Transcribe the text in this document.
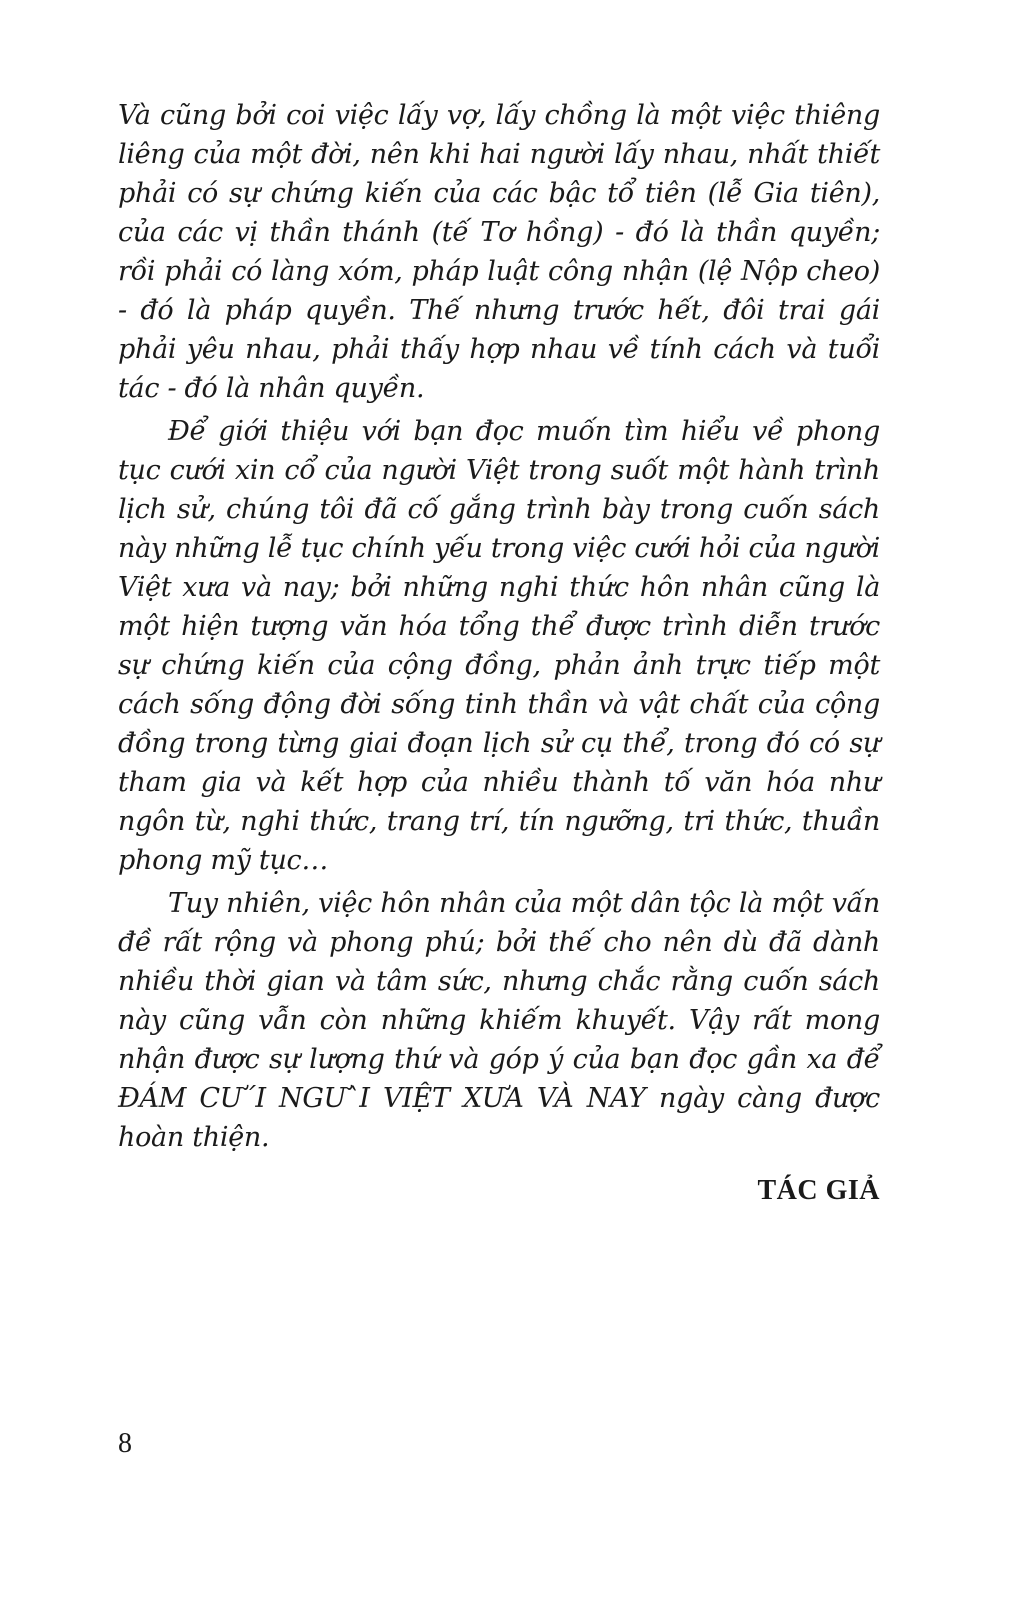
Và cũng bởi coi việc lấy vợ, lấy chồng là một việc thiêng liêng của một đời, nên khi hai người lấy nhau, nhất thiết phải có sự chứng kiến của các bậc tổ tiên (lễ Gia tiên), của các vị thần thánh (tế Tơ hồng) - đó là thần quyền; rồi phải có làng xóm, pháp luật công nhận (lệ Nộp cheo) - đó là pháp quyền. Thế nhưng trước hết, đôi trai gái phải yêu nhau, phải thấy hợp nhau về tính cách và tuổi tác - đó là nhân quyền.

Để giới thiệu với bạn đọc muốn tìm hiểu về phong tục cưới xin cổ của người Việt trong suốt một hành trình lịch sử, chúng tôi đã cố gắng trình bày trong cuốn sách này những lễ tục chính yếu trong việc cưới hỏi của người Việt xưa và nay; bởi những nghi thức hôn nhân cũng là một hiện tượng văn hóa tổng thể được trình diễn trước sự chứng kiến của cộng đồng, phản ảnh trực tiếp một cách sống động đời sống tinh thần và vật chất của cộng đồng trong từng giai đoạn lịch sử cụ thể, trong đó có sự tham gia và kết hợp của nhiều thành tố văn hóa như ngôn từ, nghi thức, trang trí, tín ngưỡng, tri thức, thuần phong mỹ tục…

Tuy nhiên, việc hôn nhân của một dân tộc là một vấn đề rất rộng và phong phú; bởi thế cho nên dù đã dành nhiều thời gian và tâm sức, nhưng chắc rằng cuốn sách này cũng vẫn còn những khiếm khuyết. Vậy rất mong nhận được sự lượng thứ và góp ý của bạn đọc gần xa để ĐÁM CƯ´I NGƯ`I VIỆT XƯA VÀ NAY ngày càng được hoàn thiện.

TÁC GIẢ
8
